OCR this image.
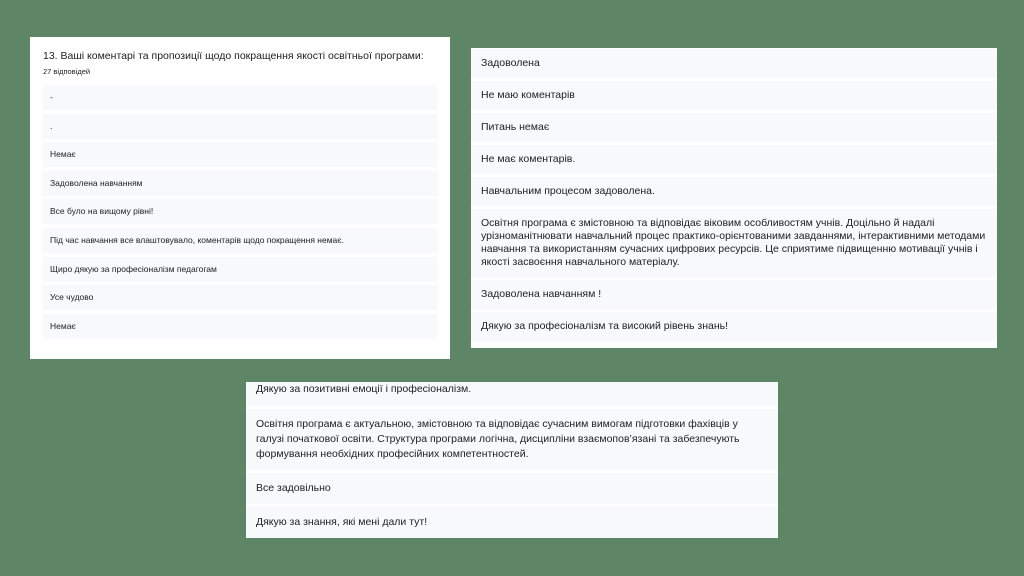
13. Ваші коментарі та пропозиції щодо покращення якості освітньої програми:
27 відповідей
-
.
Немає
Задоволена навчанням
Все було на вищому рівні!
Під час навчання все влаштовувало, коментарів щодо покращення немає.
Щиро дякую за професіоналізм педагогам
Усе чудово
Немає
Задоволена
Не маю коментарів
Питань немає
Не має коментарів.
Навчальним процесом задоволена.
Освітня програма є змістовною та відповідає віковим особливостям учнів. Доцільно й надалі урізноманітнювати навчальний процес практико-орієнтованими завданнями, інтерактивними методами навчання та використанням сучасних цифрових ресурсів. Це сприятиме підвищенню мотивації учнів і якості засвоєння навчального матеріалу.
Задоволена навчанням !
Дякую за професіоналізм та високий рівень знань!
Дякую за позитивні емоції і професіоналізм.
Освітня програма є актуальною, змістовною та відповідає сучасним вимогам підготовки фахівців у галузі початкової освіти. Структура програми логічна, дисципліни взаємопов’язані та забезпечують формування необхідних професійних компетентностей.
Все задовільно
Дякую за знання, які мені дали тут!
